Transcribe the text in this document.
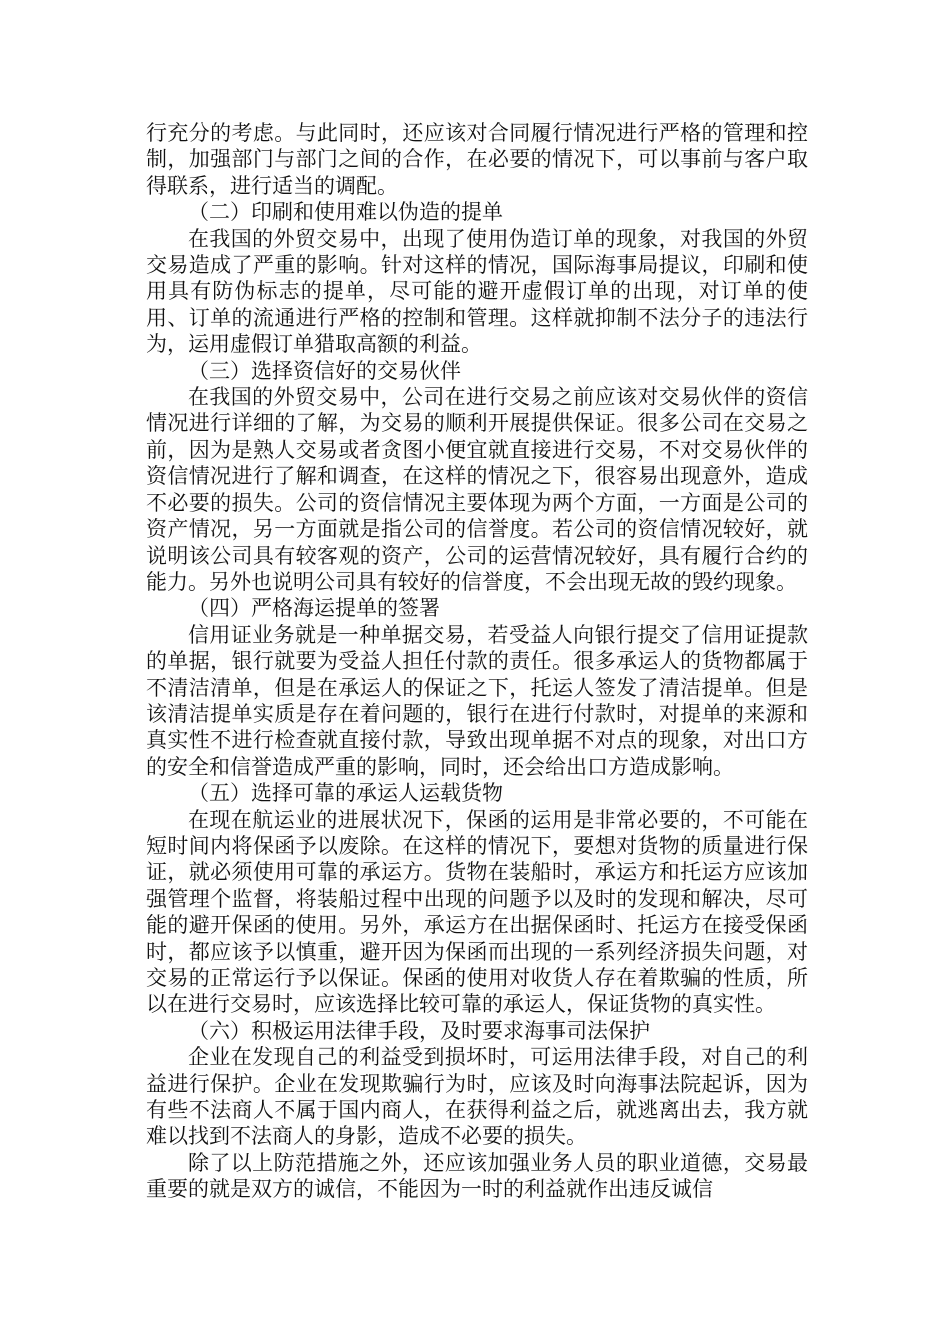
行充分的考虑。与此同时，还应该对合同履行情况进行严格的管理和控制，加强部门与部门之间的合作，在必要的情况下，可以事前与客户取得联系，进行适当的调配。

（二）印刷和使用难以伪造的提单

在我国的外贸交易中，出现了使用伪造订单的现象，对我国的外贸交易造成了严重的影响。针对这样的情况，国际海事局提议，印刷和使用具有防伪标志的提单，尽可能的避开虚假订单的出现，对订单的使用、订单的流通进行严格的控制和管理。这样就抑制不法分子的违法行为，运用虚假订单猎取高额的利益。

（三）选择资信好的交易伙伴

在我国的外贸交易中，公司在进行交易之前应该对交易伙伴的资信情况进行详细的了解，为交易的顺利开展提供保证。很多公司在交易之前，因为是熟人交易或者贪图小便宜就直接进行交易，不对交易伙伴的资信情况进行了解和调查，在这样的情况之下，很容易出现意外，造成不必要的损失。公司的资信情况主要体现为两个方面，一方面是公司的资产情况，另一方面就是指公司的信誉度。若公司的资信情况较好，就说明该公司具有较客观的资产，公司的运营情况较好，具有履行合约的能力。另外也说明公司具有较好的信誉度，不会出现无故的毁约现象。

（四）严格海运提单的签署

信用证业务就是一种单据交易，若受益人向银行提交了信用证提款的单据，银行就要为受益人担任付款的责任。很多承运人的货物都属于不清洁清单，但是在承运人的保证之下，托运人签发了清洁提单。但是该清洁提单实质是存在着问题的，银行在进行付款时，对提单的来源和真实性不进行检查就直接付款，导致出现单据不对点的现象，对出口方的安全和信誉造成严重的影响，同时，还会给出口方造成影响。

（五）选择可靠的承运人运载货物

在现在航运业的进展状况下，保函的运用是非常必要的，不可能在短时间内将保函予以废除。在这样的情况下，要想对货物的质量进行保证，就必须使用可靠的承运方。货物在装船时，承运方和托运方应该加强管理个监督，将装船过程中出现的问题予以及时的发现和解决，尽可能的避开保函的使用。另外，承运方在出据保函时、托运方在接受保函时，都应该予以慎重，避开因为保函而出现的一系列经济损失问题，对交易的正常运行予以保证。保函的使用对收货人存在着欺骗的性质，所以在进行交易时，应该选择比较可靠的承运人，保证货物的真实性。

（六）积极运用法律手段，及时要求海事司法保护

企业在发现自己的利益受到损坏时，可运用法律手段，对自己的利益进行保护。企业在发现欺骗行为时，应该及时向海事法院起诉，因为有些不法商人不属于国内商人，在获得利益之后，就逃离出去，我方就难以找到不法商人的身影，造成不必要的损失。

除了以上防范措施之外，还应该加强业务人员的职业道德，交易最重要的就是双方的诚信，不能因为一时的利益就作出违反诚信
